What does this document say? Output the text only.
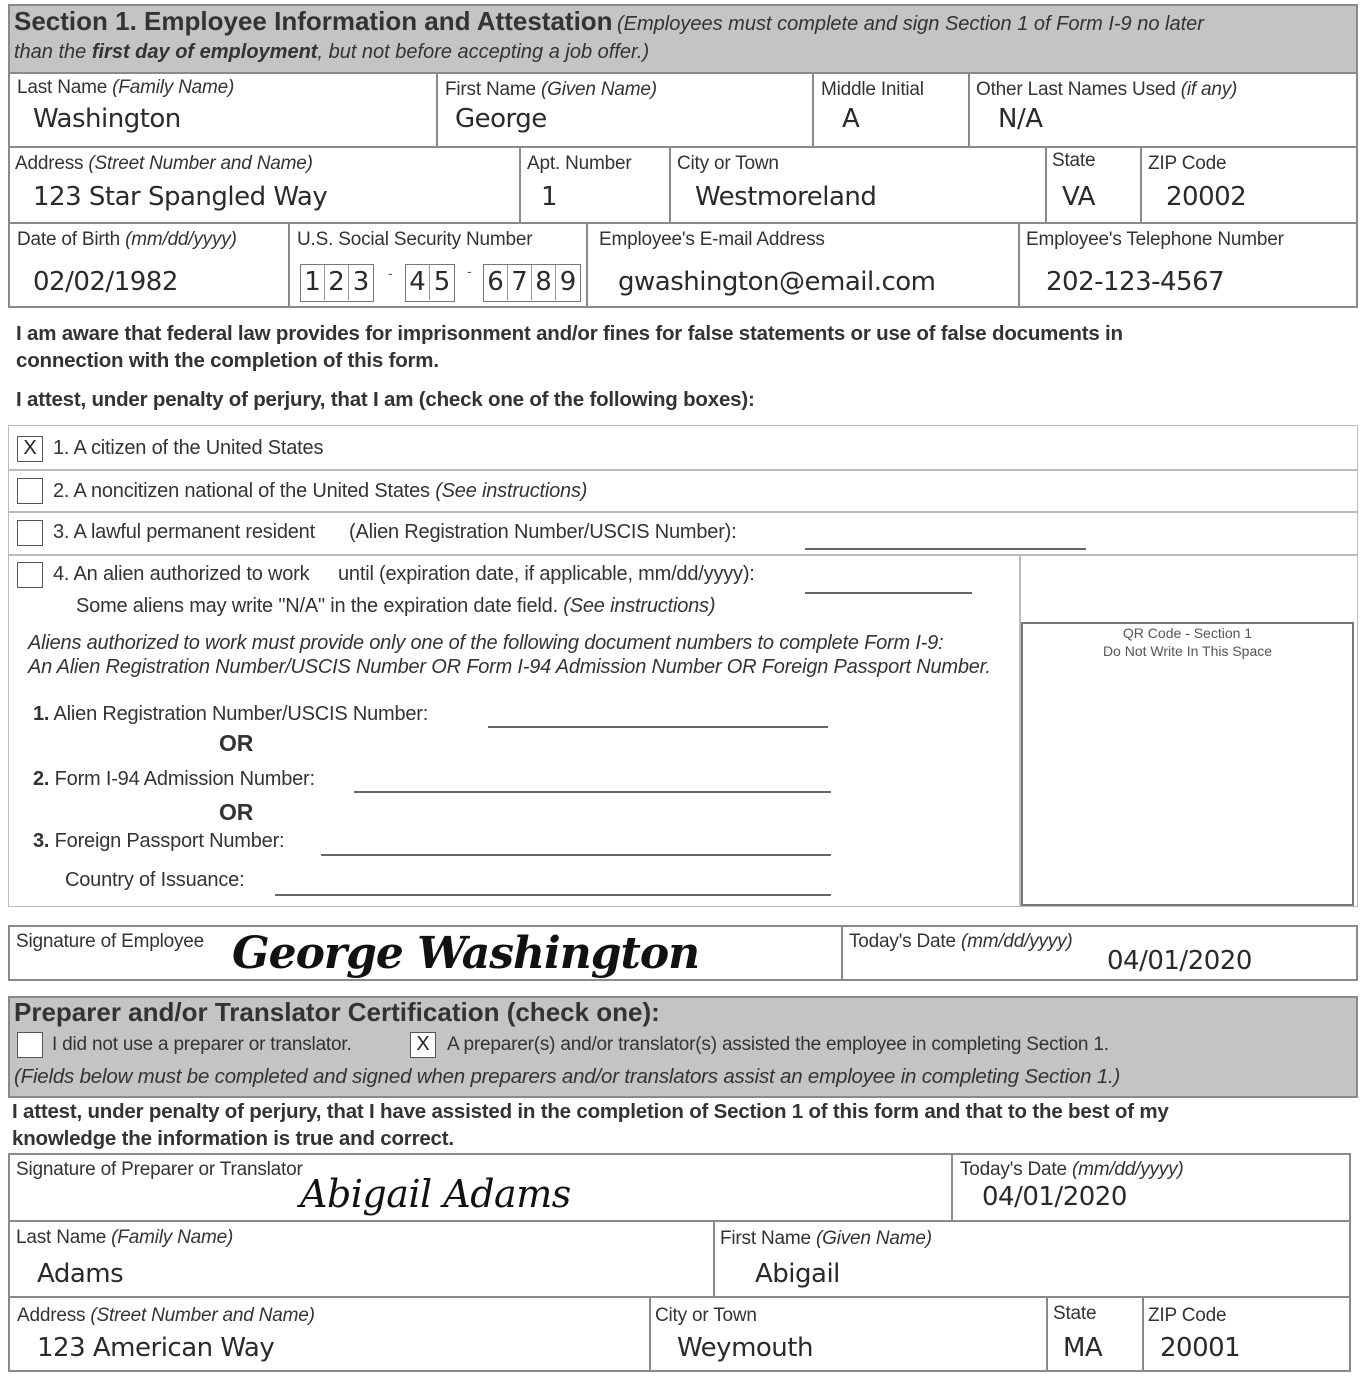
Section 1. Employee Information and Attestation (Employees must complete and sign Section 1 of Form I-9 no later
than the first day of employment, but not before accepting a job offer.)
Last Name (Family Name)
Washington
First Name (Given Name)
George
Middle Initial
A
Other Last Names Used (if any)
N/A
Address (Street Number and Name)
123 Star Spangled Way
Apt. Number
1
City or Town
Westmoreland
State
VA
ZIP Code
20002
Date of Birth (mm/dd/yyyy)
02/02/1982
U.S. Social Security Number
1 2 3 - 4 5 - 6 7 8 9
Employee's E-mail Address
gwashington@email.com
Employee's Telephone Number
202-123-4567
I am aware that federal law provides for imprisonment and/or fines for false statements or use of false documents in
connection with the completion of this form.
I attest, under penalty of perjury, that I am (check one of the following boxes):
X 1. A citizen of the United States
2. A noncitizen national of the United States (See instructions)
3. A lawful permanent resident (Alien Registration Number/USCIS Number):
4. An alien authorized to work until (expiration date, if applicable, mm/dd/yyyy):
Some aliens may write "N/A" in the expiration date field. (See instructions)
Aliens authorized to work must provide only one of the following document numbers to complete Form I-9:
An Alien Registration Number/USCIS Number OR Form I-94 Admission Number OR Foreign Passport Number.
1. Alien Registration Number/USCIS Number:
OR
2. Form I-94 Admission Number:
OR
3. Foreign Passport Number:
Country of Issuance:
QR Code - Section 1
Do Not Write In This Space
Signature of Employee George Washington	Today's Date (mm/dd/yyyy)
04/01/2020
Preparer and/or Translator Certification (check one):
I did not use a preparer or translator.	X A preparer(s) and/or translator(s) assisted the employee in completing Section 1.
(Fields below must be completed and signed when preparers and/or translators assist an employee in completing Section 1.)
I attest, under penalty of perjury, that I have assisted in the completion of Section 1 of this form and that to the best of my
knowledge the information is true and correct.
Signature of Preparer or Translator
Abigail Adams
Today's Date (mm/dd/yyyy)
04/01/2020
Last Name (Family Name)
Adams
First Name (Given Name)
Abigail
Address (Street Number and Name)
123 American Way
City or Town
Weymouth
State
MA
ZIP Code
20001
